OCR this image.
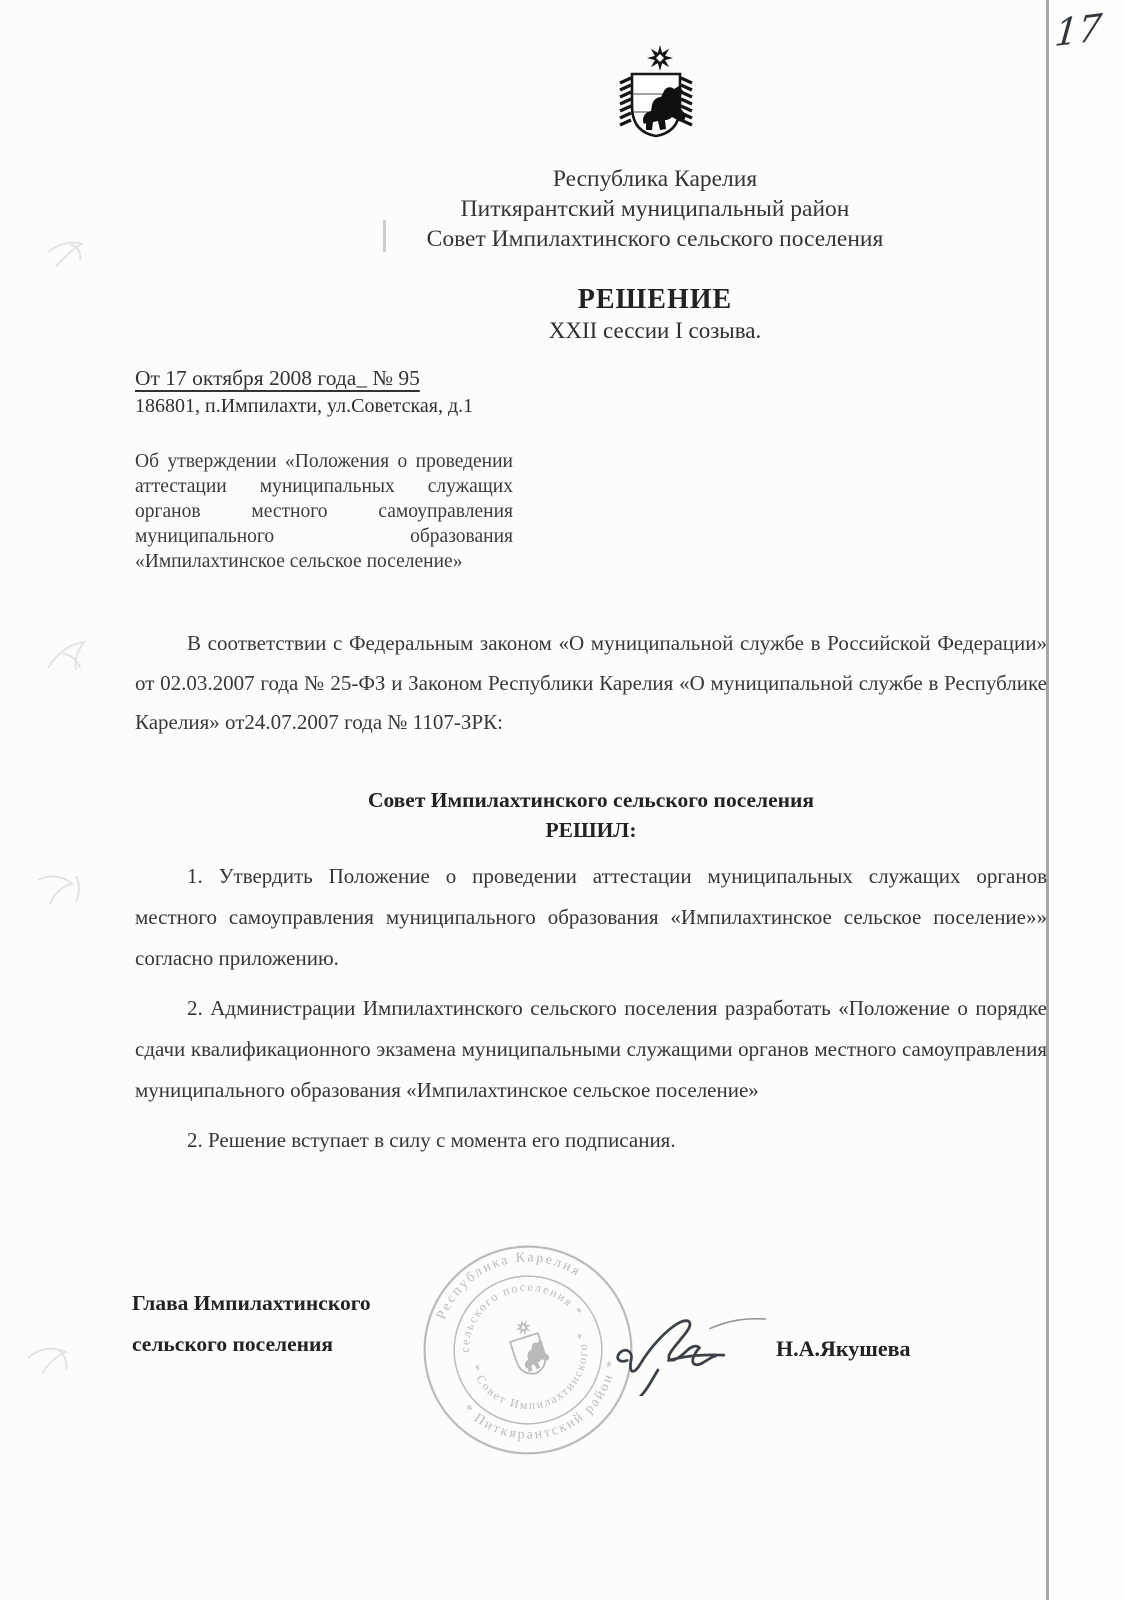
17
Республика Карелия
Питкярантский муниципальный район
Совет Импилахтинского сельского поселения
РЕШЕНИЕ
XXII сессии I созыва.
От 17 октября 2008 года_ № 95
186801, п.Импилахти, ул.Советская, д.1
Об утверждении «Положения о проведении аттестации муниципальных служащих органов местного самоуправления муниципального образования «Импилахтинское сельское поселение»
В соответствии с Федеральным законом «О муниципальной службе в Российской Федерации» от 02.03.2007 года № 25-ФЗ и Законом Республики Карелия «О муниципальной службе в Республике Карелия» от24.07.2007 года № 1107-ЗРК:
Совет Импилахтинского сельского поселения
РЕШИЛ:

1. Утвердить Положение о проведении аттестации муниципальных служащих органов местного самоуправления муниципального образования «Импилахтинское сельское поселение»» согласно приложению.

2. Администрации Импилахтинского сельского поселения разработать «Положение о порядке сдачи квалификационного экзамена муниципальными служащими органов местного самоуправления муниципального образования «Импилахтинское сельское поселение»

2. Решение вступает в силу с момента его подписания.

Глава Импилахтинского
сельского поселения	Н.А.Якушева
Республика Карелия
* Питкярантский район *
сельского поселения *
* Совет Импилахтинского *
